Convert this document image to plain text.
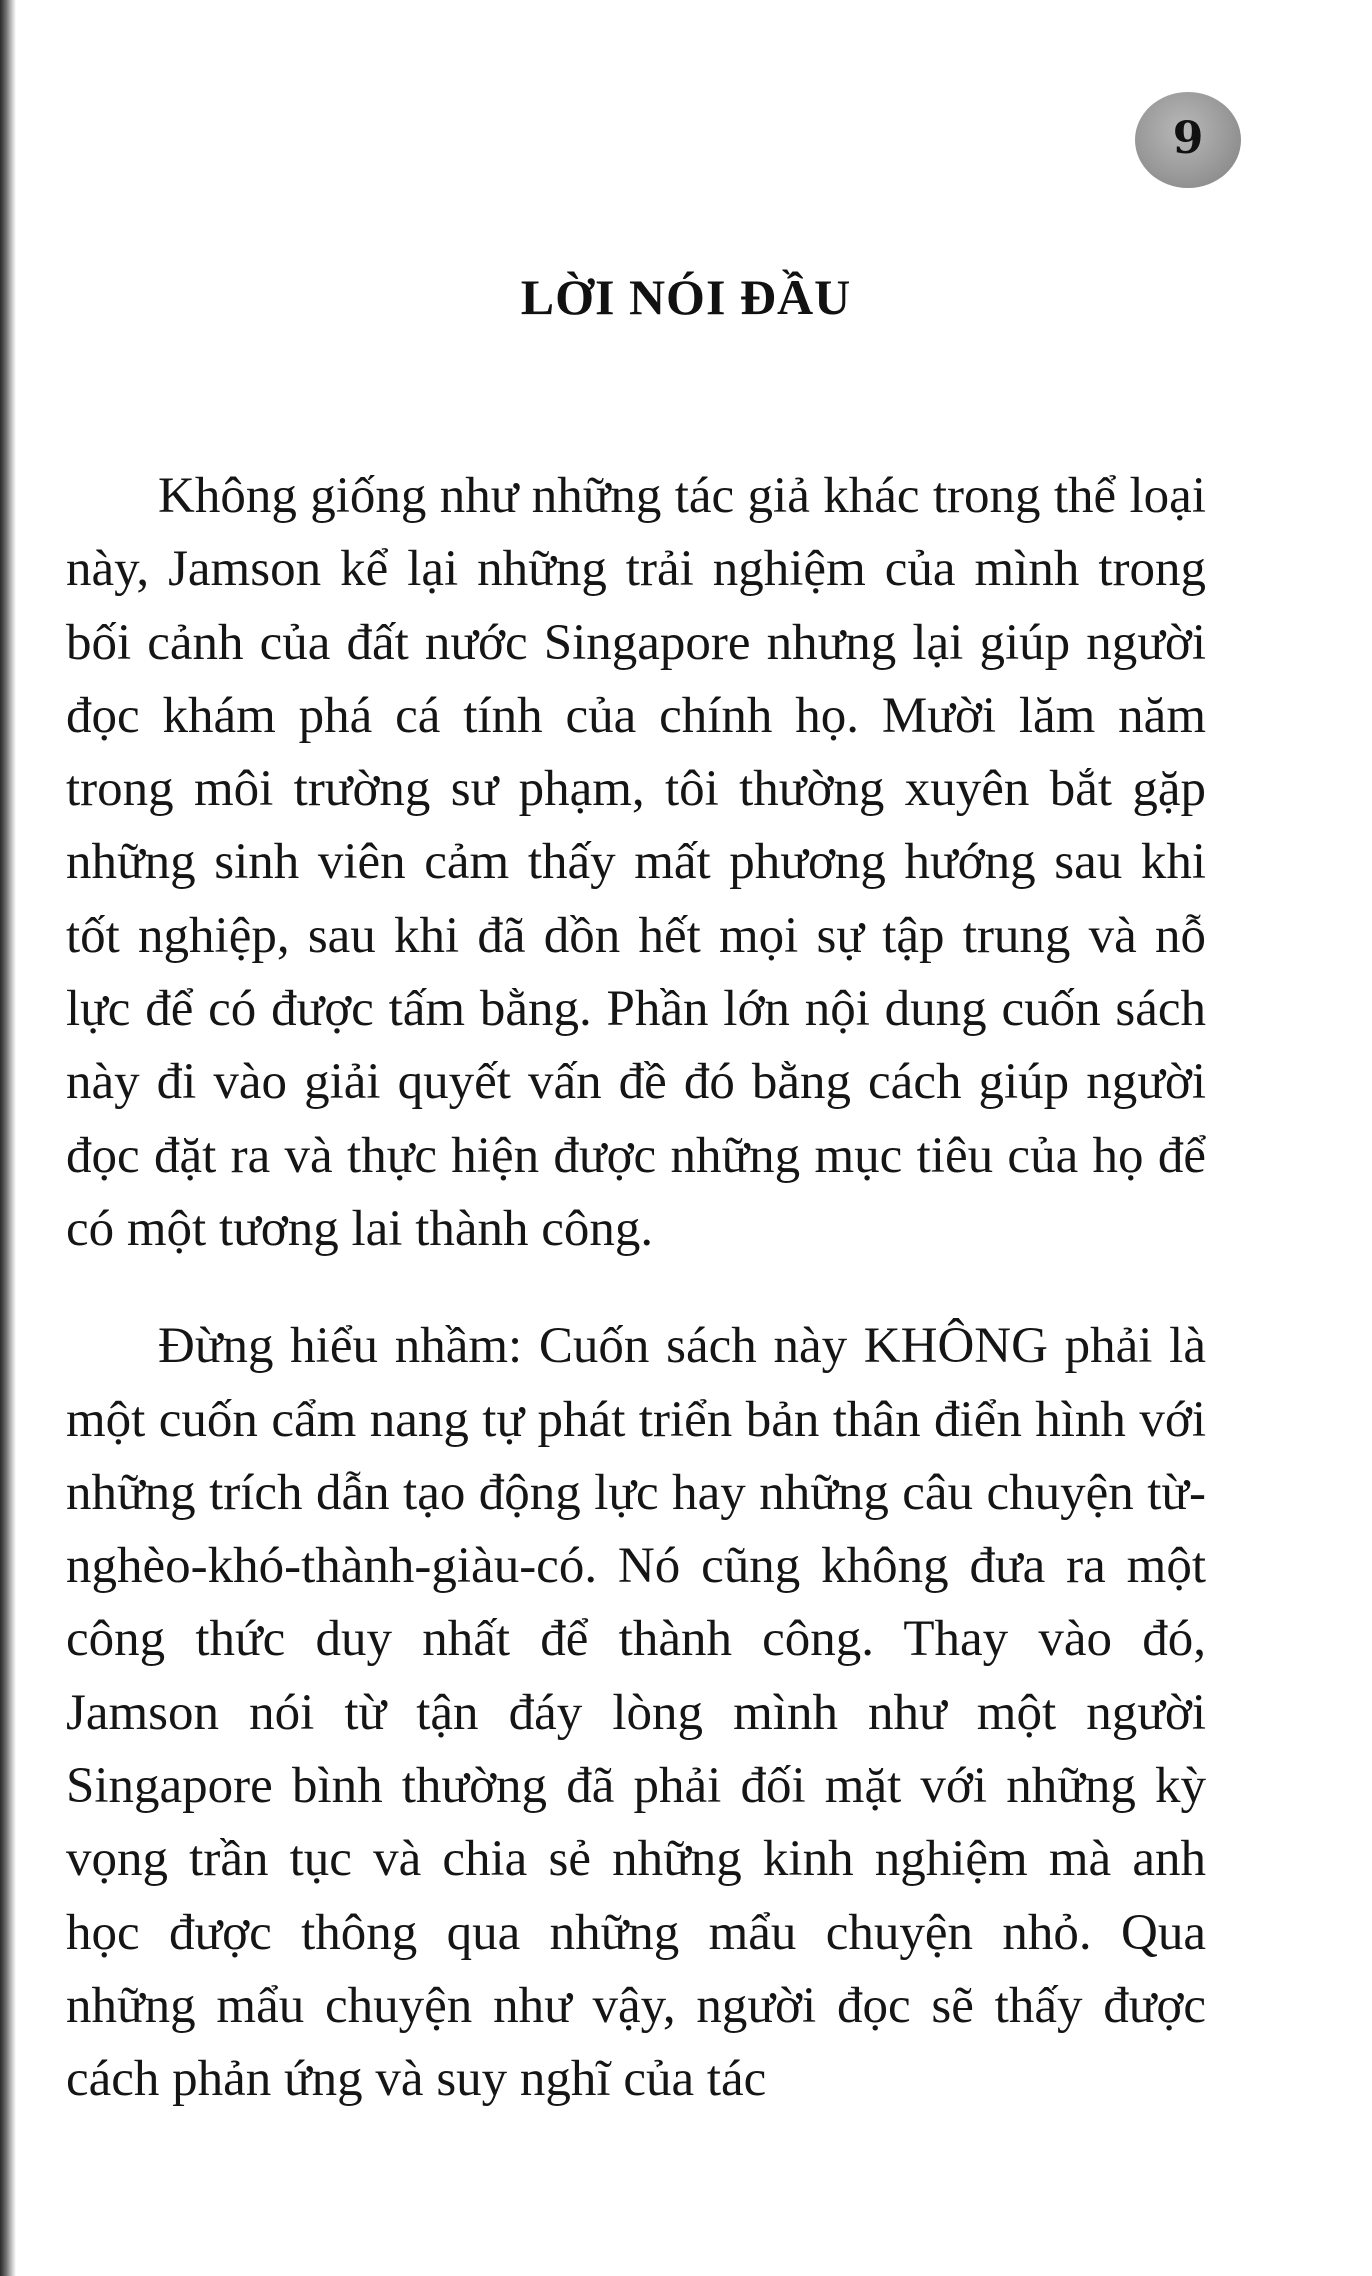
9
LỜI NÓI ĐẦU

Không giống như những tác giả khác trong thể loại này, Jamson kể lại những trải nghiệm của mình trong bối cảnh của đất nước Singapore nhưng lại giúp người đọc khám phá cá tính của chính họ. Mười lăm năm trong môi trường sư phạm, tôi thường xuyên bắt gặp những sinh viên cảm thấy mất phương hướng sau khi tốt nghiệp, sau khi đã dồn hết mọi sự tập trung và nỗ lực để có được tấm bằng. Phần lớn nội dung cuốn sách này đi vào giải quyết vấn đề đó bằng cách giúp người đọc đặt ra và thực hiện được những mục tiêu của họ để có một tương lai thành công.

Đừng hiểu nhầm: Cuốn sách này KHÔNG phải là một cuốn cẩm nang tự phát triển bản thân điển hình với những trích dẫn tạo động lực hay những câu chuyện từ-nghèo-khó-thành-giàu-có. Nó cũng không đưa ra một công thức duy nhất để thành công. Thay vào đó, Jamson nói từ tận đáy lòng mình như một người Singapore bình thường đã phải đối mặt với những kỳ vọng trần tục và chia sẻ những kinh nghiệm mà anh học được thông qua những mẩu chuyện nhỏ. Qua những mẩu chuyện như vậy, người đọc sẽ thấy được cách phản ứng và suy nghĩ của tác
